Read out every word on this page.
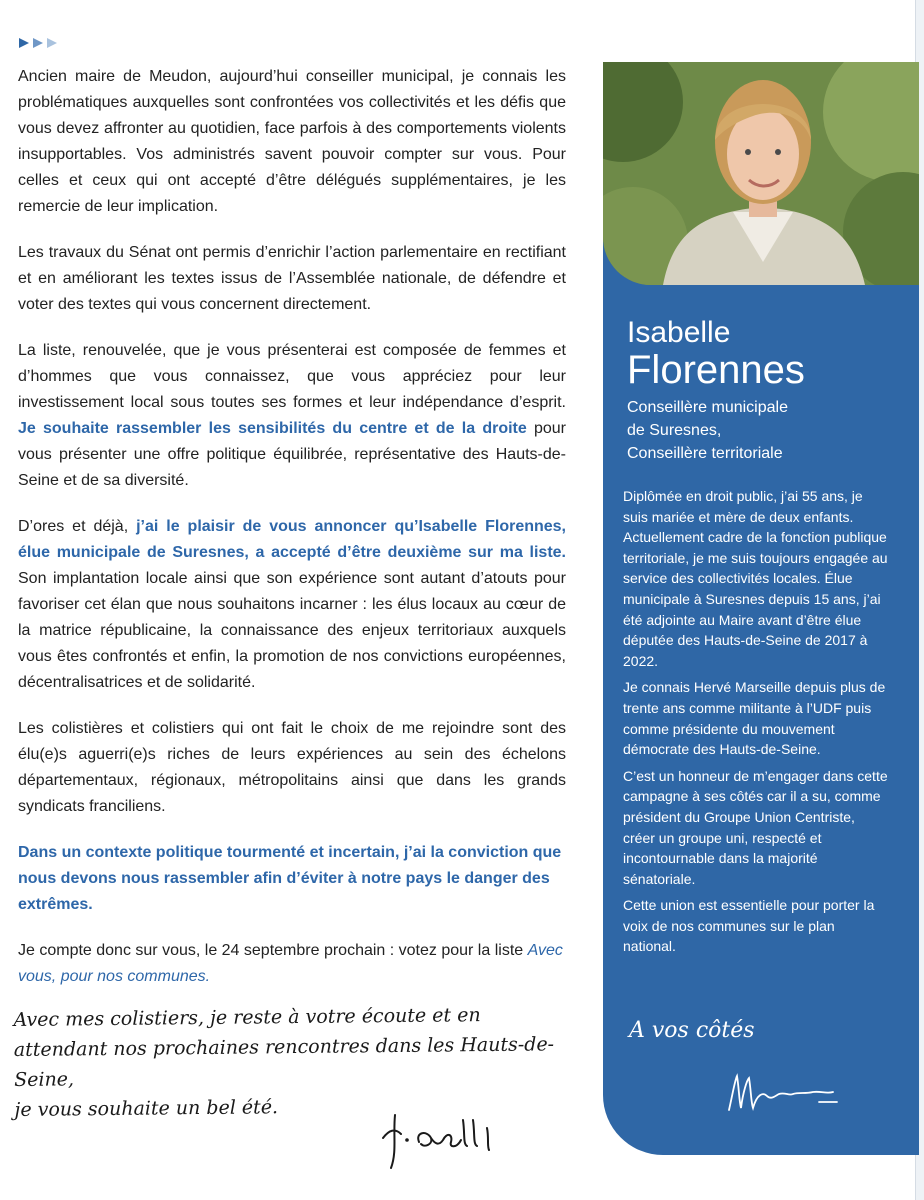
Ancien maire de Meudon, aujourd’hui conseiller municipal, je connais les problématiques auxquelles sont confrontées vos collectivités et les défis que vous devez affronter au quotidien, face parfois à des comportements violents insupportables. Vos administrés savent pouvoir compter sur vous. Pour celles et ceux qui ont accepté d’être délégués supplémentaires, je les remercie de leur implication.

Les travaux du Sénat ont permis d’enrichir l’action parlementaire en rectifiant et en améliorant les textes issus de l’Assemblée nationale, de défendre et voter des textes qui vous concernent directement.

La liste, renouvelée, que je vous présenterai est composée de femmes et d’hommes que vous connaissez, que vous appréciez pour leur investissement local sous toutes ses formes et leur indépendance d’esprit. Je souhaite rassembler les sensibilités du centre et de la droite pour vous présenter une offre politique équilibrée, représentative des Hauts-de-Seine et de sa diversité.

D’ores et déjà, j’ai le plaisir de vous annoncer qu’Isabelle Florennes, élue municipale de Suresnes, a accepté d’être deuxième sur ma liste. Son implantation locale ainsi que son expérience sont autant d’atouts pour favoriser cet élan que nous souhaitons incarner : les élus locaux au cœur de la matrice républicaine, la connaissance des enjeux territoriaux auxquels vous êtes confrontés et enfin, la promotion de nos convictions européennes, décentralisatrices et de solidarité.

Les colistières et colistiers qui ont fait le choix de me rejoindre sont des élu(e)s aguerri(e)s riches de leurs expériences au sein des échelons départementaux, régionaux, métropolitains ainsi que dans les grands syndicats franciliens.

Dans un contexte politique tourmenté et incertain, j’ai la conviction que nous devons nous rassembler afin d’éviter à notre pays le danger des extrêmes.

Je compte donc sur vous, le 24 septembre prochain : votez pour la liste Avec vous, pour nos communes.

Avec mes colistiers, je reste à votre écoute et en
attendant nos prochaines rencontres dans les Hauts-de-Seine,
je vous souhaite un bel été.
Isabelle
Florennes
Conseillère municipale
de Suresnes,
Conseillère territoriale

Diplômée en droit public, j’ai 55 ans, je suis mariée et mère de deux enfants. Actuellement cadre de la fonction publique territoriale, je me suis toujours engagée au service des collectivités locales. Élue municipale à Suresnes depuis 15 ans, j’ai été adjointe au Maire avant d’être élue députée des Hauts-de-Seine de 2017 à 2022.

Je connais Hervé Marseille depuis plus de trente ans comme militante à l’UDF puis comme présidente du mouvement démocrate des Hauts-de-Seine.

C’est un honneur de m’engager dans cette campagne à ses côtés car il a su, comme président du Groupe Union Centriste, créer un groupe uni, respecté et incontournable dans la majorité sénatoriale.

Cette union est essentielle pour porter la voix de nos communes sur le plan national.

A vos côtés
